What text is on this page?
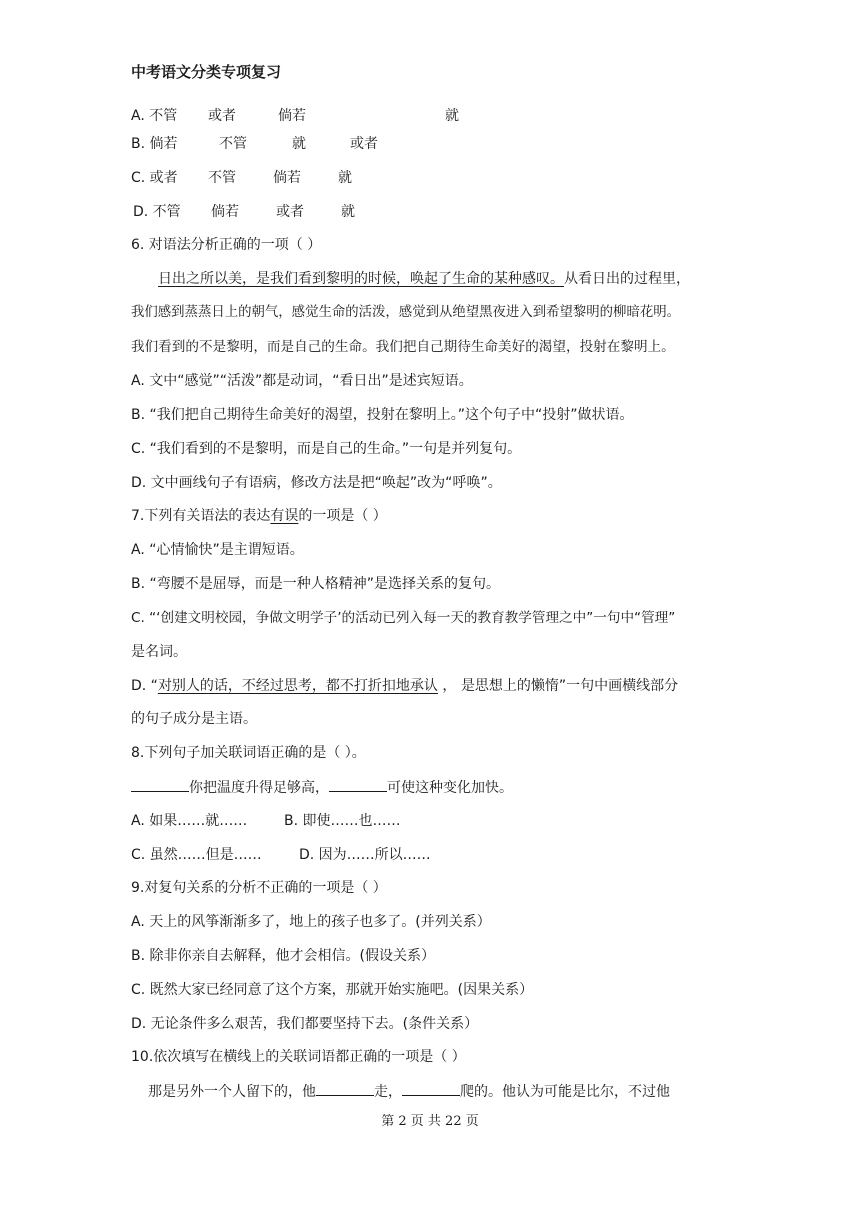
中考语文分类专项复习
A. 不管 或者	倘若	就
B. 倘若	不管	就	或者
C. 或者 不管	倘若	就
D. 不管 倘若	或者	就
6. 对语法分析正确的一项（ ）
日出之所以美，是我们看到黎明的时候，唤起了生命的某种感叹。从看日出的过程里，
我们感到蒸蒸日上的朝气，感觉生命的活泼，感觉到从绝望黑夜进入到希望黎明的柳暗花明。
我们看到的不是黎明，而是自己的生命。我们把自己期待生命美好的渴望，投射在黎明上。
A. 文中“感觉”“活泼”都是动词，“看日出”是述宾短语。
B. “我们把自己期待生命美好的渴望，投射在黎明上。”这个句子中“投射”做状语。
C. “我们看到的不是黎明，而是自己的生命。”一句是并列复句。
D. 文中画线句子有语病，修改方法是把“唤起”改为“呼唤”。
7.下列有关语法的表达有误的一项是（ ）
A. “心情愉快”是主谓短语。
B. “弯腰不是屈辱，而是一种人格精神”是选择关系的复句。
C. “‘创建文明校园，争做文明学子’的活动已列入每一天的教育教学管理之中”一句中“管理”
是名词。
D. “对别人的话，不经过思考，都不打折扣地承认 ， 是思想上的懒惰”一句中画横线部分
的句子成分是主语。
8.下列句子加关联词语正确的是（ ）。
你把温度升得足够高，	可使这种变化加快。
A. 如果……就……	B. 即使……也……
C. 虽然……但是……	D. 因为……所以……
9.对复句关系的分析不正确的一项是（ ）
A. 天上的风筝渐渐多了，地上的孩子也多了。(并列关系）
B. 除非你亲自去解释，他才会相信。(假设关系）
C. 既然大家已经同意了这个方案，那就开始实施吧。(因果关系）
D. 无论条件多么艰苦，我们都要坚持下去。(条件关系）
10.依次填写在横线上的关联词语都正确的一项是（ ）
那是另外一个人留下的，他	走，	爬的。他认为可能是比尔，不过他
第 2 页 共 22 页
